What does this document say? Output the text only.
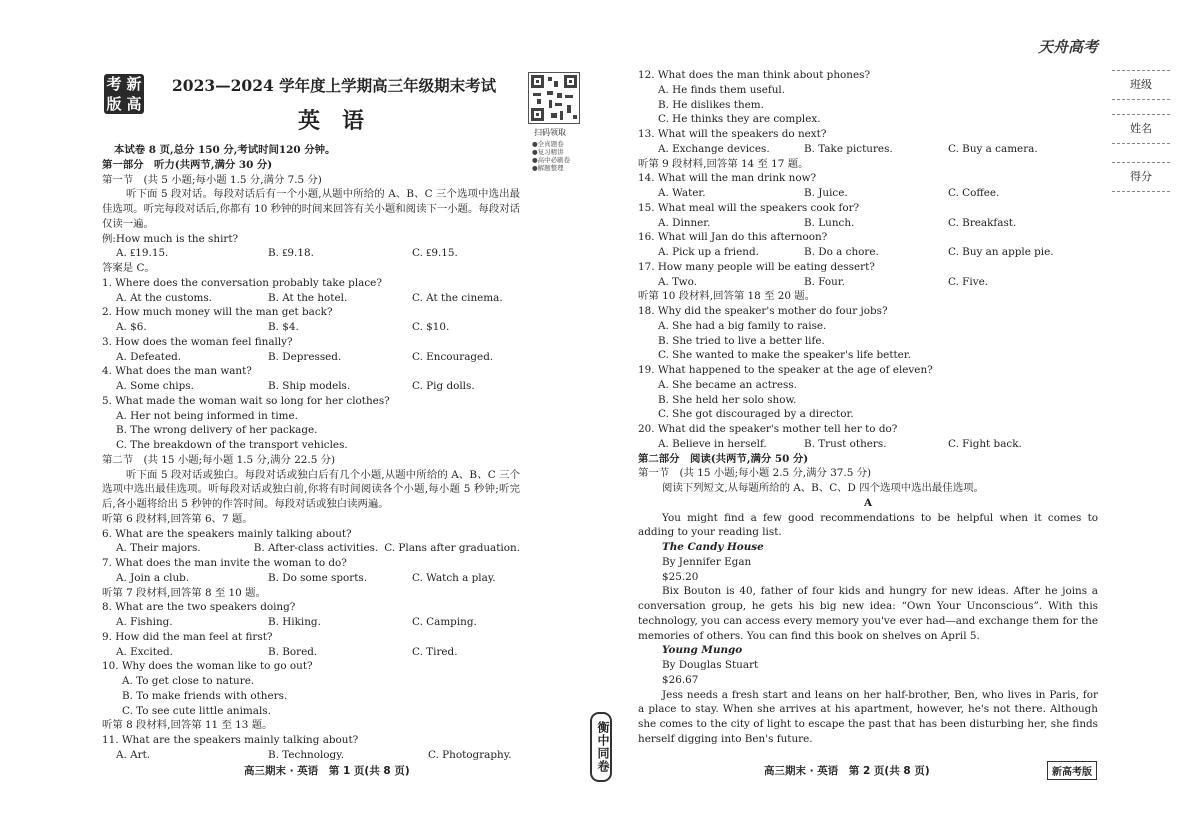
天舟高考
考 新
版 高
2023—2024 学年度上学期高三年级期末考试
英　语	扫码领取
●全真题卷
●复习精讲
●高中必刷卷
●解题整理

本试卷 8 页,总分 150 分,考试时间120 分钟。

第一部分　听力(共两节,满分 30 分)

第一节　(共 5 小题;每小题 1.5 分,满分 7.5 分)

听下面 5 段对话。每段对话后有一个小题,从题中所给的 A、B、C 三个选项中选出最佳选项。听完每段对话后,你都有 10 秒钟的时间来回答有关小题和阅读下一小题。每段对话仅读一遍。

例:How much is the shirt?

A. ₤19.15.	B. ₤9.18.	C. ₤9.15.

答案是 C。

1. Where does the conversation probably take place?

A. At the customs.	B. At the hotel.	C. At the cinema.

2. How much money will the man get back?

A. $6.	B. $4.	C. $10.

3. How does the woman feel finally?

A. Defeated.	B. Depressed.	C. Encouraged.

4. What does the man want?

A. Some chips.	B. Ship models.	C. Pig dolls.

5. What made the woman wait so long for her clothes?

A. Her not being informed in time.

B. The wrong delivery of her package.

C. The breakdown of the transport vehicles.

第二节　(共 15 小题;每小题 1.5 分,满分 22.5 分)

听下面 5 段对话或独白。每段对话或独白后有几个小题,从题中所给的 A、B、C 三个选项中选出最佳选项。听每段对话或独白前,你将有时间阅读各个小题,每小题 5 秒钟;听完后,各小题将给出 5 秒钟的作答时间。每段对话或独白读两遍。

听第 6 段材料,回答第 6、7 题。

6. What are the speakers mainly talking about?

A. Their majors.	B. After-class activities. C. Plans after graduation.

7. What does the man invite the woman to do?

A. Join a club.	B. Do some sports.	C. Watch a play.

听第 7 段材料,回答第 8 至 10 题。

8. What are the two speakers doing?

A. Fishing.	B. Hiking.	C. Camping.

9. How did the man feel at first?

A. Excited.	B. Bored.	C. Tired.

10. Why does the woman like to go out?

A. To get close to nature.

B. To make friends with others.

C. To see cute little animals.

听第 8 段材料,回答第 11 至 13 题。

11. What are the speakers mainly talking about?

A. Art.	B. Technology.	C. Photography.

12. What does the man think about phones?

A. He finds them useful.

B. He dislikes them.

C. He thinks they are complex.

13. What will the speakers do next?

A. Exchange devices.	B. Take pictures.	C. Buy a camera.

听第 9 段材料,回答第 14 至 17 题。

14. What will the man drink now?

A. Water.	B. Juice.	C. Coffee.

15. What meal will the speakers cook for?

A. Dinner.	B. Lunch.	C. Breakfast.

16. What will Jan do this afternoon?

A. Pick up a friend.	B. Do a chore.	C. Buy an apple pie.

17. How many people will be eating dessert?

A. Two.	B. Four.	C. Five.

听第 10 段材料,回答第 18 至 20 题。

18. Why did the speaker's mother do four jobs?

A. She had a big family to raise.

B. She tried to live a better life.

C. She wanted to make the speaker's life better.

19. What happened to the speaker at the age of eleven?

A. She became an actress.

B. She held her solo show.

C. She got discouraged by a director.

20. What did the speaker's mother tell her to do?

A. Believe in herself.	B. Trust others.	C. Fight back.

第二部分　阅读(共两节,满分 50 分)

第一节　(共 15 小题;每小题 2.5 分,满分 37.5 分)

阅读下列短文,从每题所给的 A、B、C、D 四个选项中选出最佳选项。

A

You might find a few good recommendations to be helpful when it comes to adding to your reading list.

The Candy House

By Jennifer Egan

$25.20

Bix Bouton is 40, father of four kids and hungry for new ideas. After he joins a conversation group, he gets his big new idea: “Own Your Unconscious”. With this technology, you can access every memory you've ever had—and exchange them for the memories of others. You can find this book on shelves on April 5.

Young Mungo

By Douglas Stuart

$26.67

Jess needs a fresh start and leans on her half-brother, Ben, who lives in Paris, for a place to stay. When she arrives at his apartment, however, he's not there. Although she comes to the city of light to escape the past that has been disturbing her, she finds herself digging into Ben's future.

衡中同卷
班级
姓名
得分
高三期末 · 英语　第 1 页(共 8 页)	高三期末 · 英语　第 2 页(共 8 页)	新高考版
